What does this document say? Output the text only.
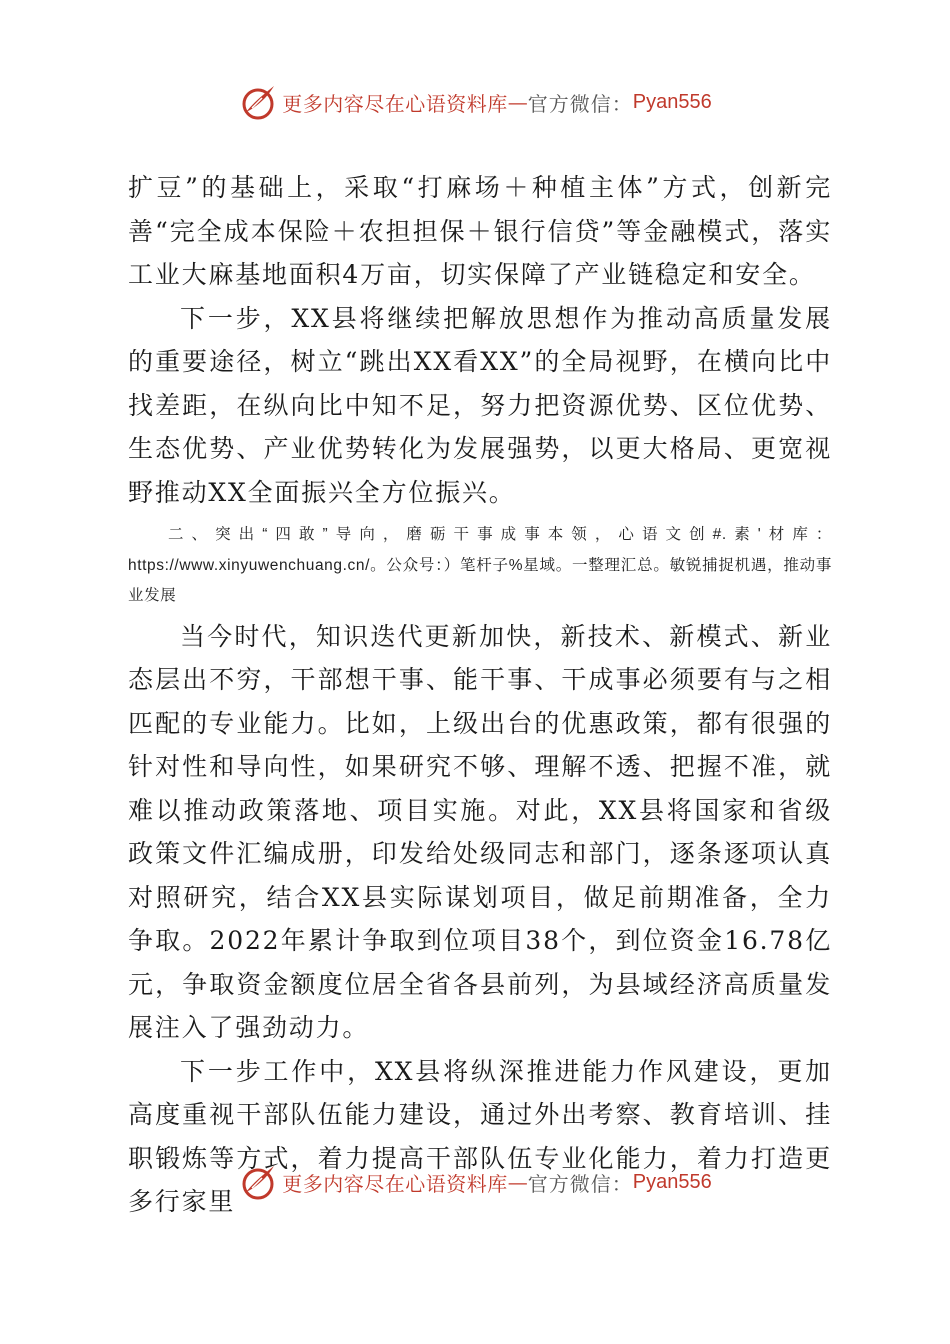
更多内容尽在心语资料库 — 官方微信： Pyan556

扩豆”的基础上，采取“打麻场＋种植主体”方式，创新完善“完全成本保险＋农担担保＋银行信贷”等金融模式，落实工业大麻基地面积4万亩，切实保障了产业链稳定和安全。

下一步，XX县将继续把解放思想作为推动高质量发展的重要途径，树立“跳出XX看XX”的全局视野，在横向比中找差距，在纵向比中知不足，努力把资源优势、区位优势、生态优势、产业优势转化为发展强势，以更大格局、更宽视野推动XX全面振兴全方位振兴。

二、突出“四敢”导向，磨砺干事成事本领，心语文创#.素'材库：https://www.xinyuwenchuang.cn/。公众号：）笔杆子%星域。一整理汇总。敏锐捕捉机遇，推动事业发展

当今时代，知识迭代更新加快，新技术、新模式、新业态层出不穷，干部想干事、能干事、干成事必须要有与之相匹配的专业能力。比如，上级出台的优惠政策，都有很强的针对性和导向性，如果研究不够、理解不透、把握不准，就难以推动政策落地、项目实施。对此，XX县将国家和省级政策文件汇编成册，印发给处级同志和部门，逐条逐项认真对照研究，结合XX县实际谋划项目，做足前期准备，全力争取。2022年累计争取到位项目38个，到位资金16.78亿元，争取资金额度位居全省各县前列，为县域经济高质量发展注入了强劲动力。

下一步工作中，XX县将纵深推进能力作风建设，更加高度重视干部队伍能力建设，通过外出考察、教育培训、挂职锻炼等方式，着力提高干部队伍专业化能力，着力打造更多行家里

更多内容尽在心语资料库 — 官方微信： Pyan556
